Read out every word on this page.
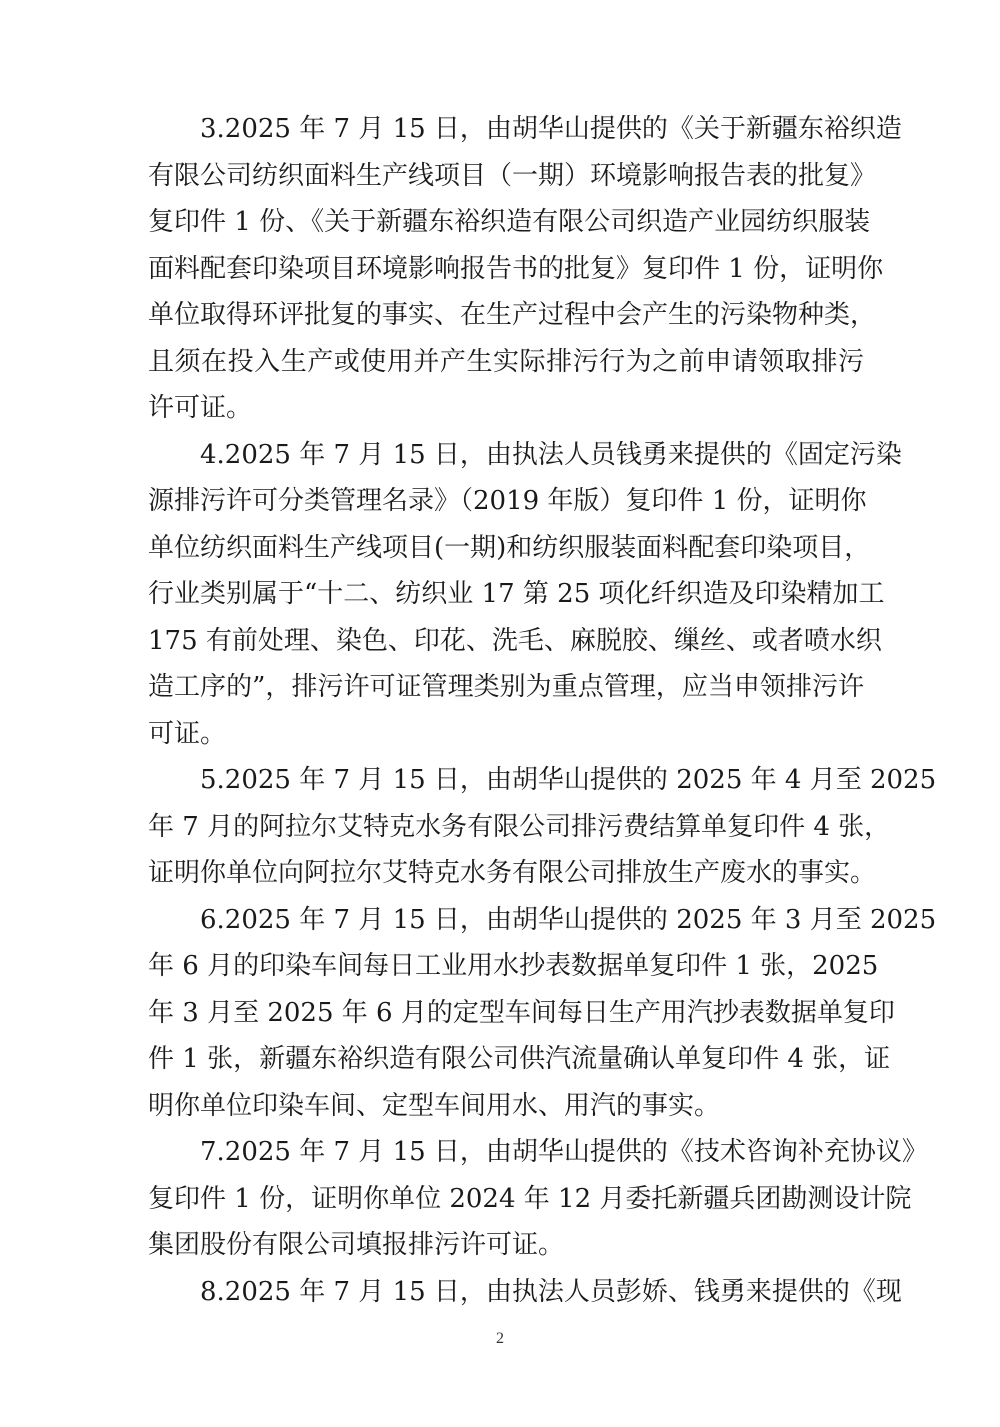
3.2025 年 7 月 15 日，由胡华山提供的《关于新疆东裕织造
有限公司纺织面料生产线项目（一期）环境影响报告表的批复》
复印件 1 份、《关于新疆东裕织造有限公司织造产业园纺织服装
面料配套印染项目环境影响报告书的批复》复印件 1 份，证明你
单位取得环评批复的事实、在生产过程中会产生的污染物种类，
且须在投入生产或使用并产生实际排污行为之前申请领取排污
许可证。
4.2025 年 7 月 15 日，由执法人员钱勇来提供的《固定污染
源排污许可分类管理名录》（2019 年版）复印件 1 份，证明你
单位纺织面料生产线项目(一期)和纺织服装面料配套印染项目，
行业类别属于“十二、纺织业 17 第 25 项化纤织造及印染精加工
175 有前处理、染色、印花、洗毛、麻脱胶、缫丝、或者喷水织
造工序的”，排污许可证管理类别为重点管理，应当申领排污许
可证。
5.2025 年 7 月 15 日，由胡华山提供的 2025 年 4 月至 2025
年 7 月的阿拉尔艾特克水务有限公司排污费结算单复印件 4 张，
证明你单位向阿拉尔艾特克水务有限公司排放生产废水的事实。
6.2025 年 7 月 15 日，由胡华山提供的 2025 年 3 月至 2025
年 6 月的印染车间每日工业用水抄表数据单复印件 1 张，2025
年 3 月至 2025 年 6 月的定型车间每日生产用汽抄表数据单复印
件 1 张，新疆东裕织造有限公司供汽流量确认单复印件 4 张，证
明你单位印染车间、定型车间用水、用汽的事实。
7.2025 年 7 月 15 日，由胡华山提供的《技术咨询补充协议》
复印件 1 份，证明你单位 2024 年 12 月委托新疆兵团勘测设计院
集团股份有限公司填报排污许可证。
8.2025 年 7 月 15 日，由执法人员彭娇、钱勇来提供的《现
2
